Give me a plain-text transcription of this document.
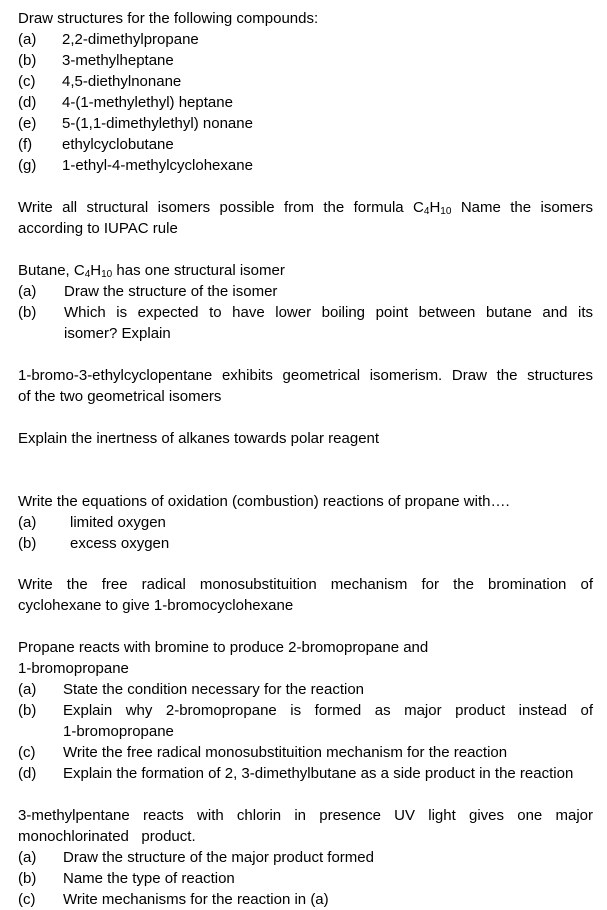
Draw structures for the following compounds:
(a) 2,2-dimethylpropane
(b) 3-methylheptane
(c) 4,5-diethylnonane
(d) 4-(1-methylethyl) heptane
(e) 5-(1,1-dimethylethyl) nonane
(f) ethylcyclobutane
(g) 1-ethyl-4-methylcyclohexane
Write all structural isomers possible from the formula $C_4H_{10}$ Name the isomers
according to IUPAC rule
Butane, $C_4H_{10}$ has one structural isomer
(a) Draw the structure of the isomer
(b) Which is expected to have lower boiling point between butane and its
isomer? Explain
1-bromo-3-ethylcyclopentane exhibits geometrical isomerism. Draw the structures
of the two geometrical isomers
Explain the inertness of alkanes towards polar reagent
Write the equations of oxidation (combustion) reactions of propane with….
(a) limited oxygen
(b) excess oxygen
Write the free radical monosubstituition mechanism for the bromination of
cyclohexane to give 1-bromocyclohexane
Propane reacts with bromine to produce 2-bromopropane and
1-bromopropane
(a) State the condition necessary for the reaction
(b) Explain why 2-bromopropane is formed as major product instead of
1-bromopropane
(c) Write the free radical monosubstituition mechanism for the reaction
(d) Explain the formation of 2, 3-dimethylbutane as a side product in the reaction
3-methylpentane reacts with chlorin in presence UV light gives one major
monochlorinated   product.
(a) Draw the structure of the major product formed
(b) Name the type of reaction
(c) Write mechanisms for the reaction in (a)
